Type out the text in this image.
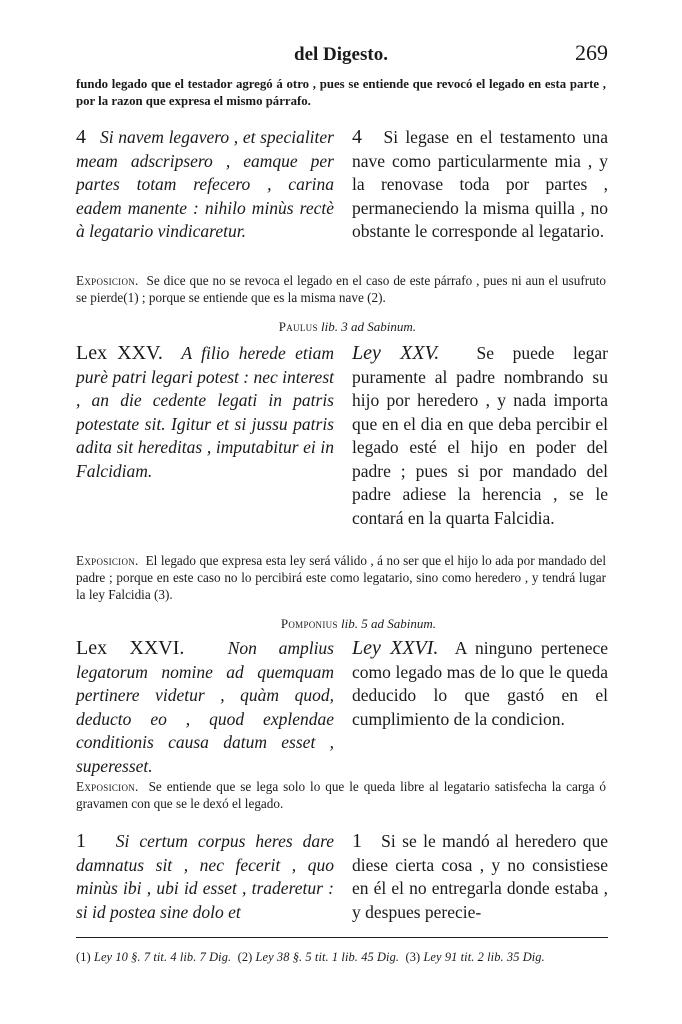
del Digesto.	269
fundo legado que el testador agregó á otro , pues se entiende que revocó el legado en esta parte , por la razon que expresa el mismo párrafo.
4 Si navem legavero , et specialiter meam adscripsero , eamque per partes totam refecero , carina eadem manente : nihilo minùs rectè à legatario vindicaretur.
4 Si legase en el testamento una nave como particularmente mia , y la renovase toda por partes , permaneciendo la misma quilla , no obstante le corresponde al legatario.
Exposicion. Se dice que no se revoca el legado en el caso de este párrafo , pues ni aun el usufruto se pierde(1) ; porque se entiende que es la misma nave (2).
Paulus lib. 3 ad Sabinum.
Lex XXV. A filio herede etiam purè patri legari potest : nec interest , an die cedente legati in patris potestate sit. Igitur et si jussu patris adita sit hereditas , imputabitur ei in Falcidiam.
Ley XXV. Se puede legar puramente al padre nombrando su hijo por heredero , y nada importa que en el dia en que deba percibir el legado esté el hijo en poder del padre ; pues si por mandado del padre adiese la herencia , se le contará en la quarta Falcidia.
Exposicion. El legado que expresa esta ley será válido , á no ser que el hijo lo ada por mandado del padre ; porque en este caso no lo percibirá este como legatario, sino como heredero , y tendrá lugar la ley Falcidia (3).
Pomponius lib. 5 ad Sabinum.
Lex XXVI. Non amplius legatorum nomine ad quemquam pertinere videtur , quàm quod, deducto eo , quod explendae conditionis causa datum esset , superesset.
Ley XXVI. A ninguno pertenece como legado mas de lo que le queda deducido lo que gastó en el cumplimiento de la condicion.
Exposicion. Se entiende que se lega solo lo que le queda libre al legatario satisfecha la carga ó gravamen con que se le dexó el legado.
1 Si certum corpus heres dare damnatus sit , nec fecerit , quo minùs ibi , ubi id esset , traderetur : si id postea sine dolo et
1 Si se le mandó al heredero que diese cierta cosa , y no consistiese en él el no entregarla donde estaba , y despues perecie-
(1) Ley 10 §. 7 tit. 4 lib. 7 Dig. (2) Ley 38 §. 5 tit. 1 lib. 45 Dig. (3) Ley 91 tit. 2 lib. 35 Dig.
